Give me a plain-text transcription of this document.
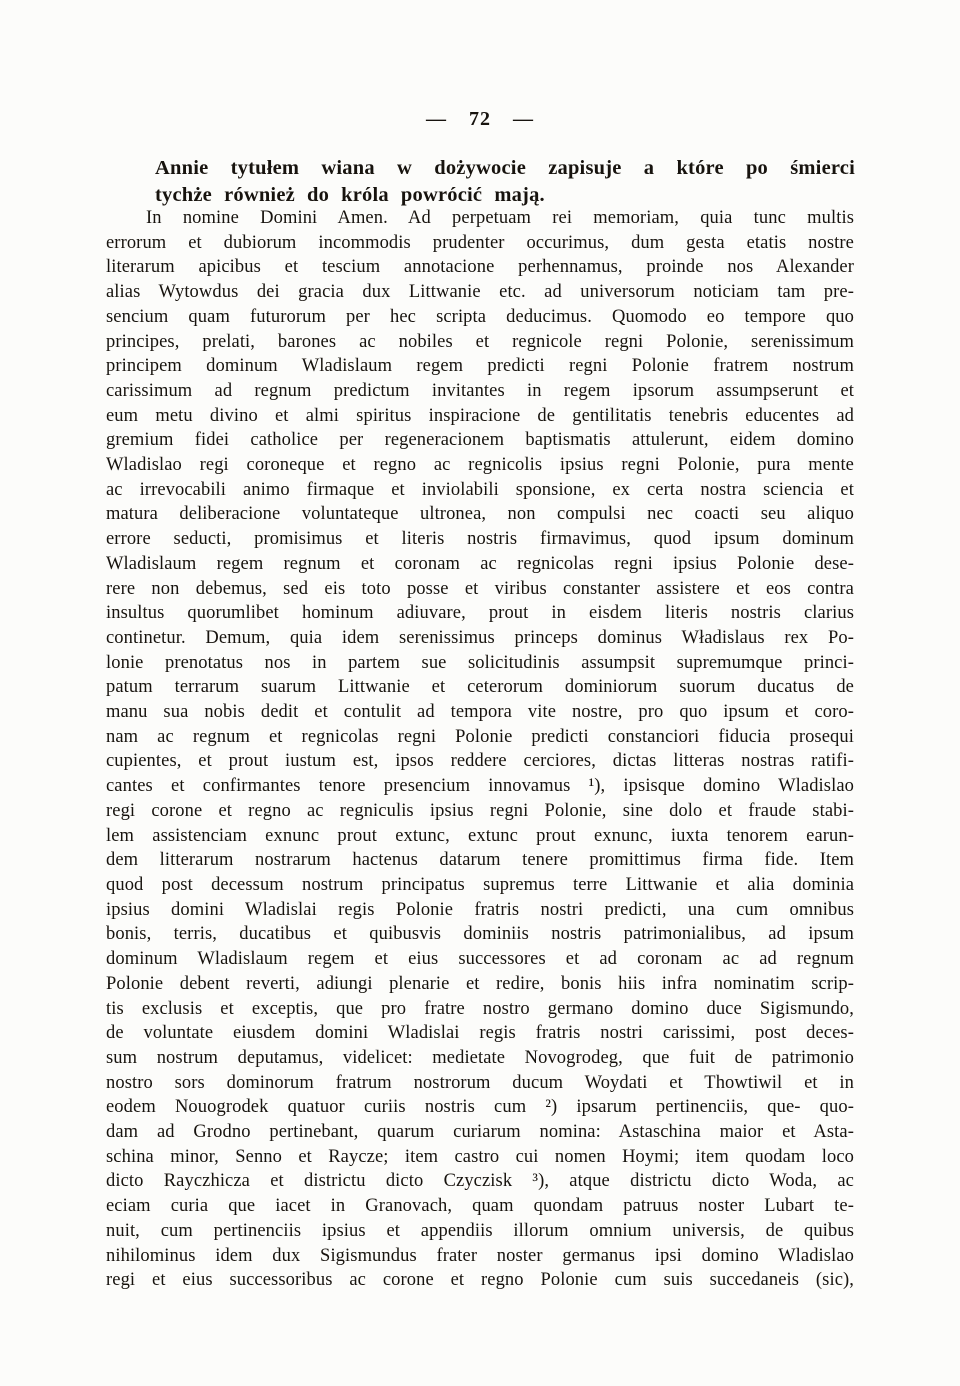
— 72 —
Annie tytułem wiana w dożywocie zapisuje a które po śmierci
tychże również do króla powrócić mają.
In nomine Domini Amen. Ad perpetuam rei memoriam, quia tunc multis
errorum et dubiorum incommodis prudenter occurimus, dum gesta etatis nostre
literarum apicibus et tescium annotacione perhennamus, proinde nos Alexander
alias Wytowdus dei gracia dux Littwanie etc. ad universorum noticiam tam pre-
sencium quam futurorum per hec scripta deducimus. Quomodo eo tempore quo
principes, prelati, barones ac nobiles et regnicole regni Polonie, serenissimum
principem dominum Wladislaum regem predicti regni Polonie fratrem nostrum
carissimum ad regnum predictum invitantes in regem ipsorum assumpserunt et
eum metu divino et almi spiritus inspiracione de gentilitatis tenebris educentes ad
gremium fidei catholice per regeneracionem baptismatis attulerunt, eidem domino
Wladislao regi coroneque et regno ac regnicolis ipsius regni Polonie, pura mente
ac irrevocabili animo firmaque et inviolabili sponsione, ex certa nostra sciencia et
matura deliberacione voluntateque ultronea, non compulsi nec coacti seu aliquo
errore seducti, promisimus et literis nostris firmavimus, quod ipsum dominum
Wladislaum regem regnum et coronam ac regnicolas regni ipsius Polonie dese-
rere non debemus, sed eis toto posse et viribus constanter assistere et eos contra
insultus quorumlibet hominum adiuvare, prout in eisdem literis nostris clarius
continetur. Demum, quia idem serenissimus princeps dominus Władislaus rex Po-
lonie prenotatus nos in partem sue solicitudinis assumpsit supremumque princi-
patum terrarum suarum Littwanie et ceterorum dominiorum suorum ducatus de
manu sua nobis dedit et contulit ad tempora vite nostre, pro quo ipsum et coro-
nam ac regnum et regnicolas regni Polonie predicti constanciori fiducia prosequi
cupientes, et prout iustum est, ipsos reddere cerciores, dictas litteras nostras ratifi-
cantes et confirmantes tenore presencium innovamus ¹), ipsisque domino Wladislao
regi corone et regno ac regniculis ipsius regni Polonie, sine dolo et fraude stabi-
lem assistenciam exnunc prout extunc, extunc prout exnunc, iuxta tenorem earun-
dem litterarum nostrarum hactenus datarum tenere promittimus firma fide. Item
quod post decessum nostrum principatus supremus terre Littwanie et alia dominia
ipsius domini Wladislai regis Polonie fratris nostri predicti, una cum omnibus
bonis, terris, ducatibus et quibusvis dominiis nostris patrimonialibus, ad ipsum
dominum Wladislaum regem et eius successores et ad coronam ac ad regnum
Polonie debent reverti, adiungi plenarie et redire, bonis hiis infra nominatim scrip-
tis exclusis et exceptis, que pro fratre nostro germano domino duce Sigismundo,
de voluntate eiusdem domini Wladislai regis fratris nostri carissimi, post deces-
sum nostrum deputamus, videlicet: medietate Novogrodeg, que fuit de patrimonio
nostro sors dominorum fratrum nostrorum ducum Woydati et Thowtiwil et in
eodem Nouogrodek quatuor curiis nostris cum ²) ipsarum pertinenciis, que- quo-
dam ad Grodno pertinebant, quarum curiarum nomina: Astaschina maior et Asta-
schina minor, Senno et Raycze; item castro cui nomen Hoymi; item quodam loco
dicto Rayczhicza et districtu dicto Czyczisk ³), atque districtu dicto Woda, ac
eciam curia que iacet in Granovach, quam quondam patruus noster Lubart te-
nuit, cum pertinenciis ipsius et appendiis illorum omnium universis, de quibus
nihilominus idem dux Sigismundus frater noster germanus ipsi domino Wladislao
regi et eius successoribus ac corone et regno Polonie cum suis succedaneis (sic),
